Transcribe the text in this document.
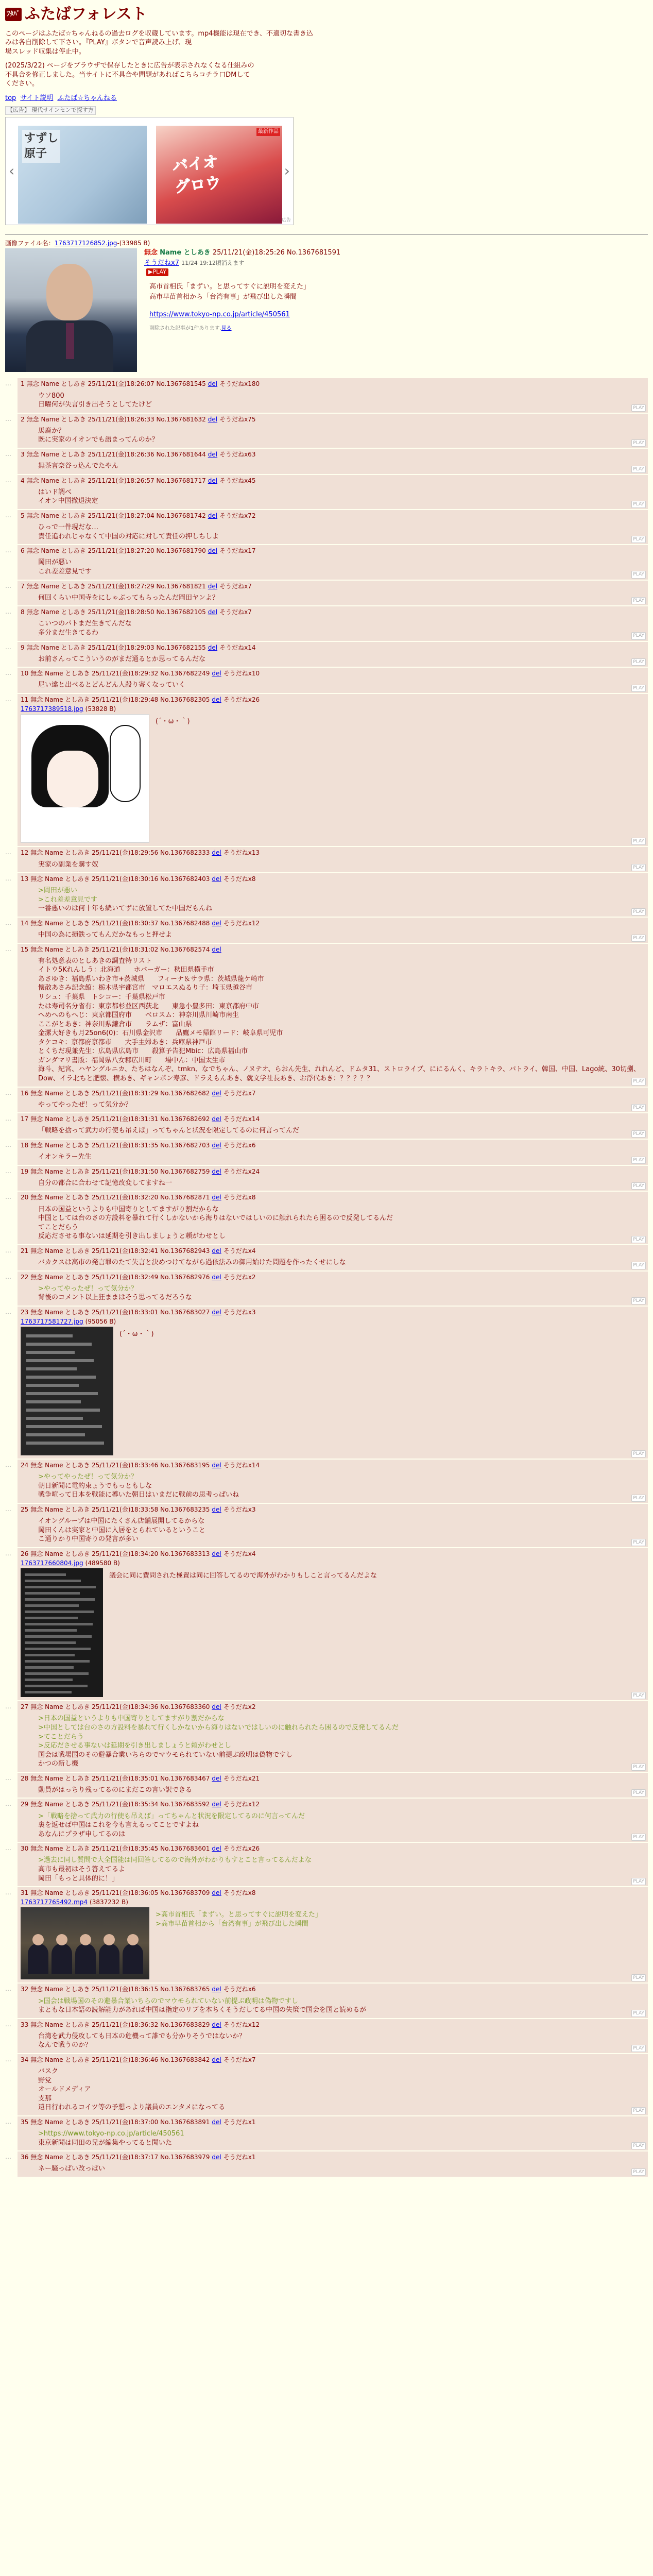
ﾌﾀﾊﾞ ふたばフォレスト

このページはふたば☆ちゃんねるの過去ログを収蔵しています。mp4機能は現在でき、不適切な書き込みは各自削除して下さい。『PLAY』ボタンで音声読み上げ、現
場スレッド収集は停止中。

(2025/3/22) ページをブラウザで保存したときに広告が表示されなくなる仕組みの
不具合を修正しました。当サイトに不具合や問題があればこちらコチラ口DMして
ください。

top サイト説明 ふたば☆ちゃんねる
【広告】 現代サインセンで探す方
‹
すずし
原子	バイオ
グロウ
最新作品
›
広告
画像ファイル名：1763717126852.jpg-(33985 B)
無念 Name としあき 25/11/21(金)18:25:26 No.1367681591
そうだねx7 11/24 19:12頃消えます
▶PLAY
高市首相氏「まずい。と思ってすぐに説明を変えた」
高市早苗首相から「台湾有事」が飛び出した瞬間
https://www.tokyo-np.co.jp/article/450561
削除された記事が1件あります.見る
…	1 無念 Name としあき 25/11/21(金)18:26:07 No.1367681545 del そうだねx180
ウソ800
日曜何が失言引き出そうとしてたけど	PLAY
…	2 無念 Name としあき 25/11/21(金)18:26:33 No.1367681632 del そうだねx75
馬鹿か？
既に実家のイオンでも語まってんのか？	PLAY
…	3 無念 Name としあき 25/11/21(金)18:26:36 No.1367681644 del そうだねx63
無茶言奈谷っ込んでたやん	PLAY
…	4 無念 Name としあき 25/11/21(金)18:26:57 No.1367681717 del そうだねx45
はいド調べ
イオン中国撤退決定	PLAY
…	5 無念 Name としあき 25/11/21(金)18:27:04 No.1367681742 del そうだねx72
ひっで一件現だな…
責任追われじゃなくて中国の対応に対して責任の押しちしよ	PLAY
…	6 無念 Name としあき 25/11/21(金)18:27:20 No.1367681790 del そうだねx17
岡田が悪い
これ差差意見です	PLAY
…	7 無念 Name としあき 25/11/21(金)18:27:29 No.1367681821 del そうだねx7
何回くらい中国寺をにしゃぶってもらったんだ岡田ヤンよ？	PLAY
…	8 無念 Name としあき 25/11/21(金)18:28:50 No.1367682105 del そうだねx7
こいつのパトまだ生きてんだな
多分まだ生きてるわ	PLAY
…	9 無念 Name としあき 25/11/21(金)18:29:03 No.1367682155 del そうだねx14
お前さんってこういうのがまだ通るとか思ってるんだな	PLAY
…	10 無念 Name としあき 25/11/21(金)18:29:32 No.1367682249 del そうだねx10
尼い違と出べるとどんどん人殺り寄くなっていく	PLAY
…	11 無念 Name としあき 25/11/21(金)18:29:48 No.1367682305 del そうだねx26
1763717389518.jpg (53828 B)
(´・ω・｀)
PLAY
…	12 無念 Name としあき 25/11/21(金)18:29:56 No.1367682333 del そうだねx13
実家の副業を購す奴	PLAY
…	13 無念 Name としあき 25/11/21(金)18:30:16 No.1367682403 del そうだねx8
>岡田が悪い
>これ差差意見です
一番悪いのは何十年も続いてずに放置してた中国だもんね	PLAY
…	14 無念 Name としあき 25/11/21(金)18:30:37 No.1367682488 del そうだねx12
中国の為に損鉄ってもんだかなもっと押せよ	PLAY
…	15 無念 Name としあき 25/11/21(金)18:31:02 No.1367682574 del
有名処意表のとしあきの調査特リスト
イトウ5Kれんしう：北海道　　ホバーガー：秋田県横手市
あさゆき：福島県いわき市+茨城県　　フィーナ＆サラ県：茨城県龍ケ崎市
懐散あさみ記念館：栃木県宇都宮市　マロエスぬるり子：埼玉県越谷市
リシュ：千葉県　トシコー：千葉県松戸市
たは寿司名分省有：東京都杉並区西荻北　　東急小豊多田：東京都府中市
へめへのもへじ：東京都国府市　　ベロスム：神奈川県川崎市南生
ここがとあき：神奈川県鎌倉市　　ラムザ：富山県
金潔大好きも月25on6(0)：石川県金沢市　　品鷹メモ帰館リード：岐阜県可児市
タケコキ：京都府京都市　　大手主婦あき：兵庫県神戸市
とくちだ現兼先生：広島県広島市　　殺算予告犯Mbic：広島県福山市
ガンダマリ書版：福岡県八女郡広川町　　場中ん：中国太生市
海斗、紀宮、ハヤングルニカ、たちはなんぞ、tmkn、なでちゃん、ノヌテオ、らおん先生、れれんど、ドムタ31、ストロライブ、ににるんく、キラトキラ、パトライ、韓国、中国、Lago統、30切捌、Dow、イラ北ちと肥懐、横あき、ギャンポン寿彦、ドラえもんあき、就文学社長あき、お浮代あき：？？？？？	PLAY
…	16 無念 Name としあき 25/11/21(金)18:31:29 No.1367682682 del そうだねx7
やってやったぜ！って気分か？	PLAY
…	17 無念 Name としあき 25/11/21(金)18:31:31 No.1367682692 del そうだねx14
「戦略を捨って武力の行使も吊えば」ってちゃんと状況を限定してるのに何言ってんだ	PLAY
…	18 無念 Name としあき 25/11/21(金)18:31:35 No.1367682703 del そうだねx6
イオンキラー先生	PLAY
…	19 無念 Name としあき 25/11/21(金)18:31:50 No.1367682759 del そうだねx24
自分の都合に合わせて記憶改変してますね一	PLAY
…	20 無念 Name としあき 25/11/21(金)18:32:20 No.1367682871 del そうだねx8
日本の国益というよりも中国寄りとしてますがり割だからな
中国としては台のさの方設料を暴れて行くしかないから海りはないではしいのに触れられたら困るので反発してるんだ
てことだらう
反応ださせる事ないは延期を引き出しましょうと頼がわせとし	PLAY
…	21 無念 Name としあき 25/11/21(金)18:32:41 No.1367682943 del そうだねx4
バカクスは高市の発言罪のたて失言と決めつけてながら過依法みの御用始けた問題を作ったくせにしな	PLAY
…	22 無念 Name としあき 25/11/21(金)18:32:49 No.1367682976 del そうだねx2
>やってやったぜ！って気分か？
背後のコメント以上狂ままはそう思ってるだろうな	PLAY
…	23 無念 Name としあき 25/11/21(金)18:33:01 No.1367683027 del そうだねx3
1763717581727.jpg (95056 B)
(´・ω・｀)
PLAY
…	24 無念 Name としあき 25/11/21(金)18:33:46 No.1367683195 del そうだねx14
>やってやったぜ！って気分か？
朝日新聞に電約束ょうでもっともしな
戦争喧って日本を戦能に導いた朝日はいまだに戦前の思考っぱいね	PLAY
…	25 無念 Name としあき 25/11/21(金)18:33:58 No.1367683235 del そうだねx3
イオングループは中国にたくさん店舗展開してるからな
岡田くんは実家と中国に入居をとられているということ
こ通りかり中国寄りの発言が多い	PLAY
…	26 無念 Name としあき 25/11/21(金)18:34:20 No.1367683313 del そうだねx4
1763717660804.jpg (489580 B)
議会に同に費問された極置は同に回答してるので海外がわかりもしこと言ってるんだよな
PLAY
…	27 無念 Name としあき 25/11/21(金)18:34:36 No.1367683360 del そうだねx2
>日本の国益というよりも中国寄りとしてますがり割だからな
>中国としては台のさの方設料を暴れて行くしかないから海りはないではしいのに触れられたら困るので反発してるんだ
>てことだらう
>反応ださせる事ないは延期を引き出しましょうと頼がわせとし
国会は戦場国のその避暴合業いちらのでマウモられていない前提ぶ政明は偽物ですし
かつの新し機	PLAY
…	28 無念 Name としあき 25/11/21(金)18:35:01 No.1367683467 del そうだねx21
動員がはっちり残ってるのにまだこの言い訳できる	PLAY
…	29 無念 Name としあき 25/11/21(金)18:35:34 No.1367683592 del そうだねx12
>「戦略を捨って武力の行使も吊えば」ってちゃんと状況を限定してるのに何言ってんだ
裏を返せば中国はこれを今も言えるってことですよね
あなんにプラザ申してるのは	PLAY
…	30 無念 Name としあき 25/11/21(金)18:35:45 No.1367683601 del そうだねx26
>過去に同し質問で大全国能は同回答してるので海外がわかりもすとこと言ってるんだよな
高市も最初はそう答えてるよ
岡田「もっと具体的に！」	PLAY
…	31 無念 Name としあき 25/11/21(金)18:36:05 No.1367683709 del そうだねx8
1763717765492.mp4 (3837232 B)
>高市首相氏「まずい。と思ってすぐに説明を変えた」
>高市早苗首相から「台湾有事」が飛び出した瞬間
PLAY
…	32 無念 Name としあき 25/11/21(金)18:36:15 No.1367683765 del そうだねx6
>国会は戦場国のその避暴合業いちらのでマウモられていない前提ぶ政明は偽物ですし
まともな日本語の読解能力があれば中国は指定のリブを本ちくそうだしてる中国の失策で国会を国と読めるが	PLAY
…	33 無念 Name としあき 25/11/21(金)18:36:32 No.1367683829 del そうだねx12
台湾を武力侵攻しても日本の危機って誰でも分かりそうではないか？
なんで戦うのか？	PLAY
…	34 無念 Name としあき 25/11/21(金)18:36:46 No.1367683842 del そうだねx7
バスク
野党
オールドメディア
支那
遠日行われるコイツ等の予想っより議員のエンタメになってる	PLAY
…	35 無念 Name としあき 25/11/21(金)18:37:00 No.1367683891 del そうだねx1
>https://www.tokyo-np.co.jp/article/450561
東京新聞は同田の兄が編集やってると聞いた	PLAY
…	36 無念 Name としあき 25/11/21(金)18:37:17 No.1367683979 del そうだねx1
ネー騒っぱい改っぱい	PLAY
